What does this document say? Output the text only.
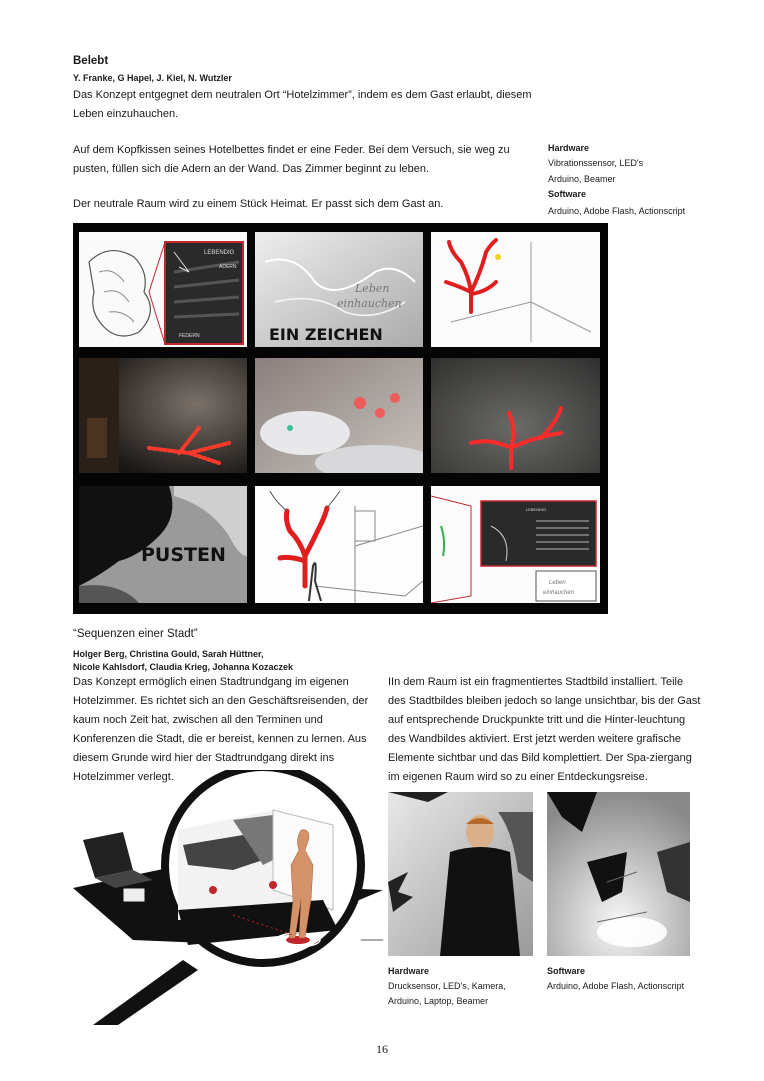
Belebt
Y. Franke, G Hapel, J. Kiel, N. Wutzler
Das Konzept entgegnet dem neutralen Ort “Hotelzimmer”, indem es dem Gast erlaubt, diesem Leben einzuhauchen.
Auf dem Kopfkissen seines Hotelbettes findet er eine Feder. Bei dem Versuch, sie weg zu pusten, füllen sich die Adern an der Wand. Das Zimmer beginnt zu leben.
Der neutrale Raum wird zu einem Stück Heimat. Er passt sich dem Gast an.
Hardware
Vibrationssensor, LED's Arduino, Beamer
Software
Arduino, Adobe Flash, Actionscript
LEBENDIG
ADERN
FEDERN
Leben
einhauchen
EIN ZEICHEN
PUSTEN
LEBENDIG
Leben
einhauchen
“Sequenzen einer Stadt”
Holger Berg, Christina Gould, Sarah Hüttner,
Nicole Kahlsdorf, Claudia Krieg, Johanna Kozaczek
Das Konzept ermöglich einen Stadtrundgang im eigenen Hotelzimmer. Es richtet sich an den Geschäftsreisenden, der kaum noch Zeit hat, zwischen all den Terminen und Konferenzen die Stadt, die er bereist, kennen zu lernen. Aus diesem Grunde wird hier der Stadtrundgang direkt ins Hotelzimmer verlegt.
IIn dem Raum ist ein fragmentiertes Stadtbild installiert. Teile des Stadtbildes bleiben jedoch so lange unsichtbar, bis der Gast auf entsprechende Druckpunkte tritt und die Hinter-leuchtung des Wandbildes aktiviert. Erst jetzt werden weitere grafische Elemente sichtbar und das Bild komplettiert. Der Spa-ziergang im eigenen Raum wird so zu einer Entdeckungsreise.
Hardware
Drucksensor, LED's, Kamera, Arduino, Laptop, Beamer
Software
Arduino, Adobe Flash, Actionscript
16
